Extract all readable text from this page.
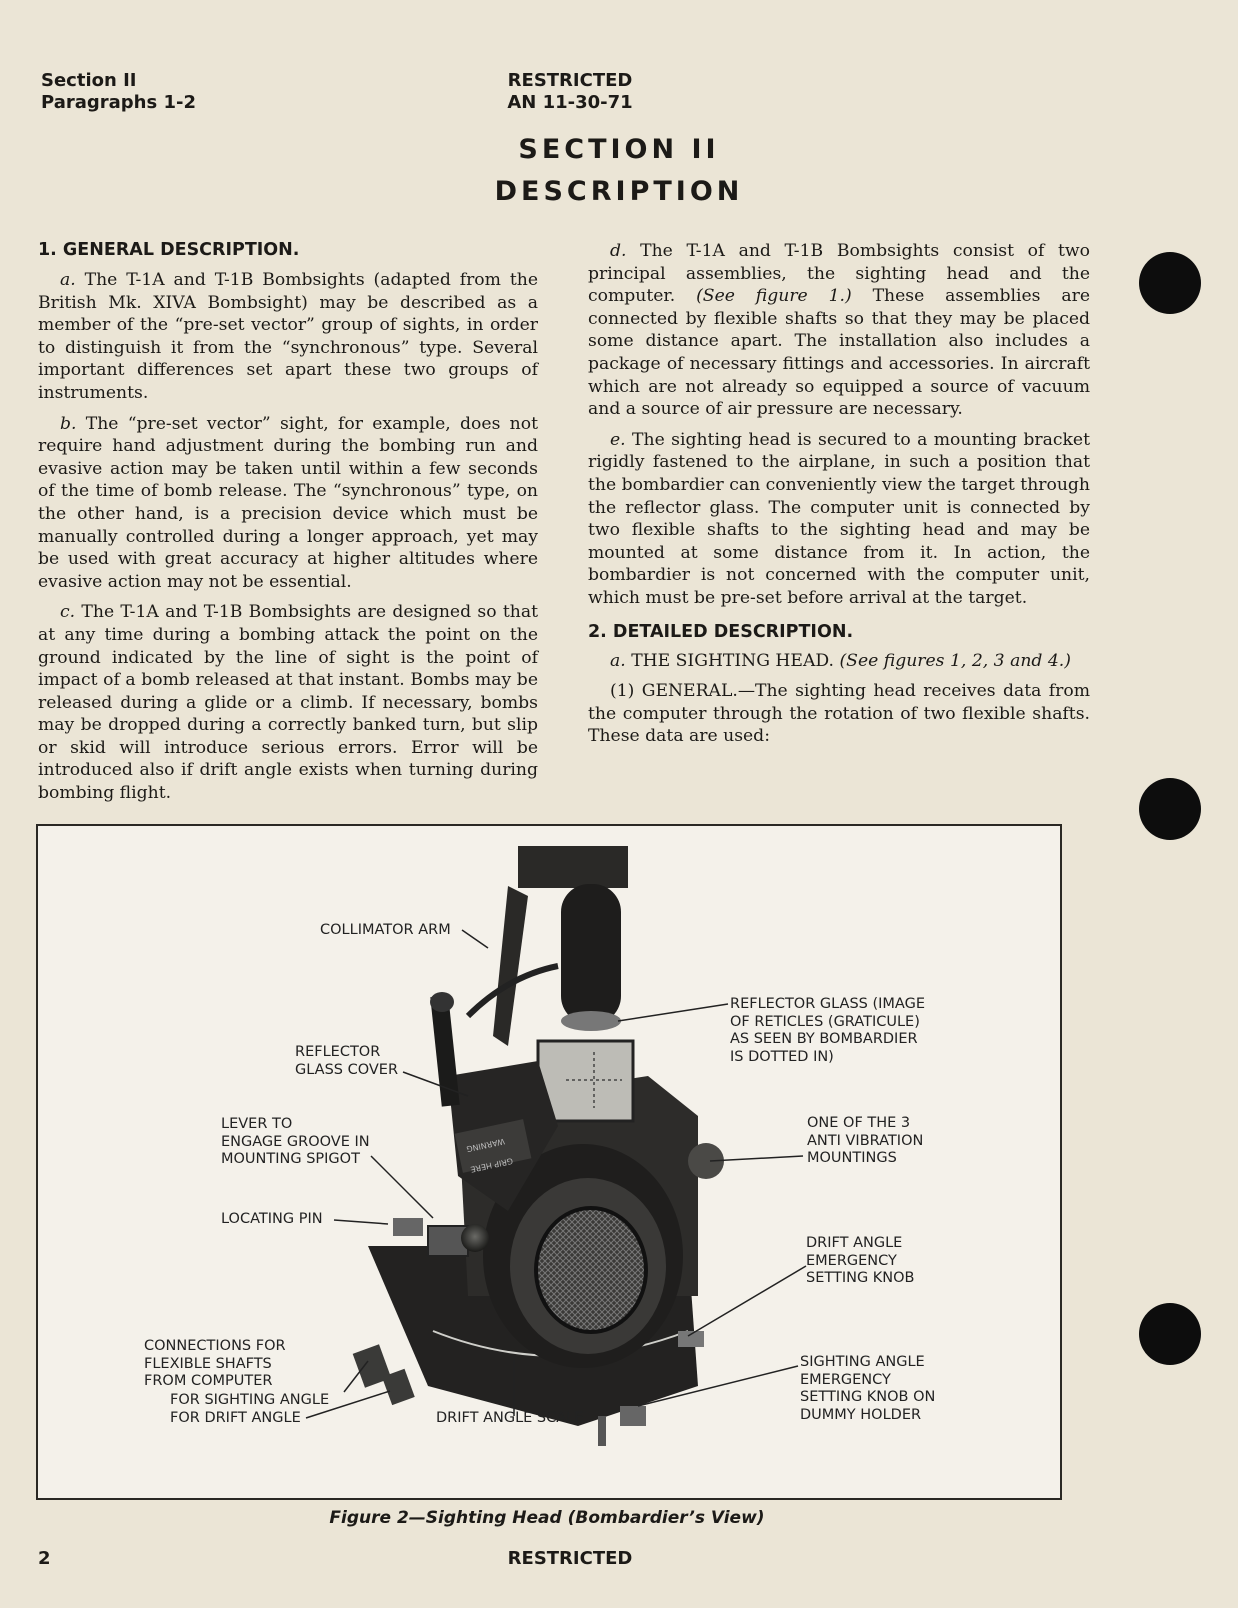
Section II
Paragraphs 1-2
RESTRICTED
AN 11-30-71
SECTION II
DESCRIPTION
1. GENERAL DESCRIPTION.

a. The T-1A and T-1B Bombsights (adapted from the British Mk. XIVA Bombsight) may be described as a member of the “pre-set vector” group of sights, in order to distinguish it from the “synchronous” type. Several important differences set apart these two groups of instruments.

b. The “pre-set vector” sight, for example, does not require hand adjustment during the bombing run and evasive action may be taken until within a few seconds of the time of bomb release. The “synchronous” type, on the other hand, is a precision device which must be manually controlled during a longer approach, yet may be used with great accuracy at higher altitudes where evasive action may not be essential.

c. The T-1A and T-1B Bombsights are designed so that at any time during a bombing attack the point on the ground indicated by the line of sight is the point of impact of a bomb released at that instant. Bombs may be released during a glide or a climb. If necessary, bombs may be dropped during a correctly banked turn, but slip or skid will introduce serious errors. Error will be introduced also if drift angle exists when turning during bombing flight.

d. The T-1A and T-1B Bombsights consist of two principal assemblies, the sighting head and the computer. (See figure 1.) These assemblies are connected by flexible shafts so that they may be placed some distance apart. The installation also includes a package of necessary fittings and accessories. In aircraft which are not already so equipped a source of vacuum and a source of air pressure are necessary.

e. The sighting head is secured to a mounting bracket rigidly fastened to the airplane, in such a position that the bombardier can conveniently view the target through the reflector glass. The computer unit is connected by two flexible shafts to the sighting head and may be mounted at some distance from it. In action, the bombardier is not concerned with the computer unit, which must be pre-set before arrival at the target.

2. DETAILED DESCRIPTION.

a. THE SIGHTING HEAD. (See figures 1, 2, 3 and 4.)

(1) GENERAL.—The sighting head receives data from the computer through the rotation of two flexible shafts. These data are used:

COLLIMATOR ARM
REFLECTOR GLASS (IMAGE
OF RETICLES (GRATICULE)
AS SEEN BY BOMBARDIER
IS DOTTED IN)
REFLECTOR
GLASS COVER
LEVER TO
ENGAGE GROOVE IN
MOUNTING SPIGOT
ONE OF THE 3
ANTI VIBRATION
MOUNTINGS
LOCATING PIN
DRIFT ANGLE
EMERGENCY
SETTING KNOB
CONNECTIONS FOR
FLEXIBLE SHAFTS
FROM COMPUTER
FOR SIGHTING ANGLE
FOR DRIFT ANGLE	DRIFT ANGLE SCALE
SIGHTING ANGLE
EMERGENCY
SETTING KNOB ON
DUMMY HOLDER
WARNING
GRIP HERE
Figure 2—Sighting Head (Bombardier’s View)
2	RESTRICTED
